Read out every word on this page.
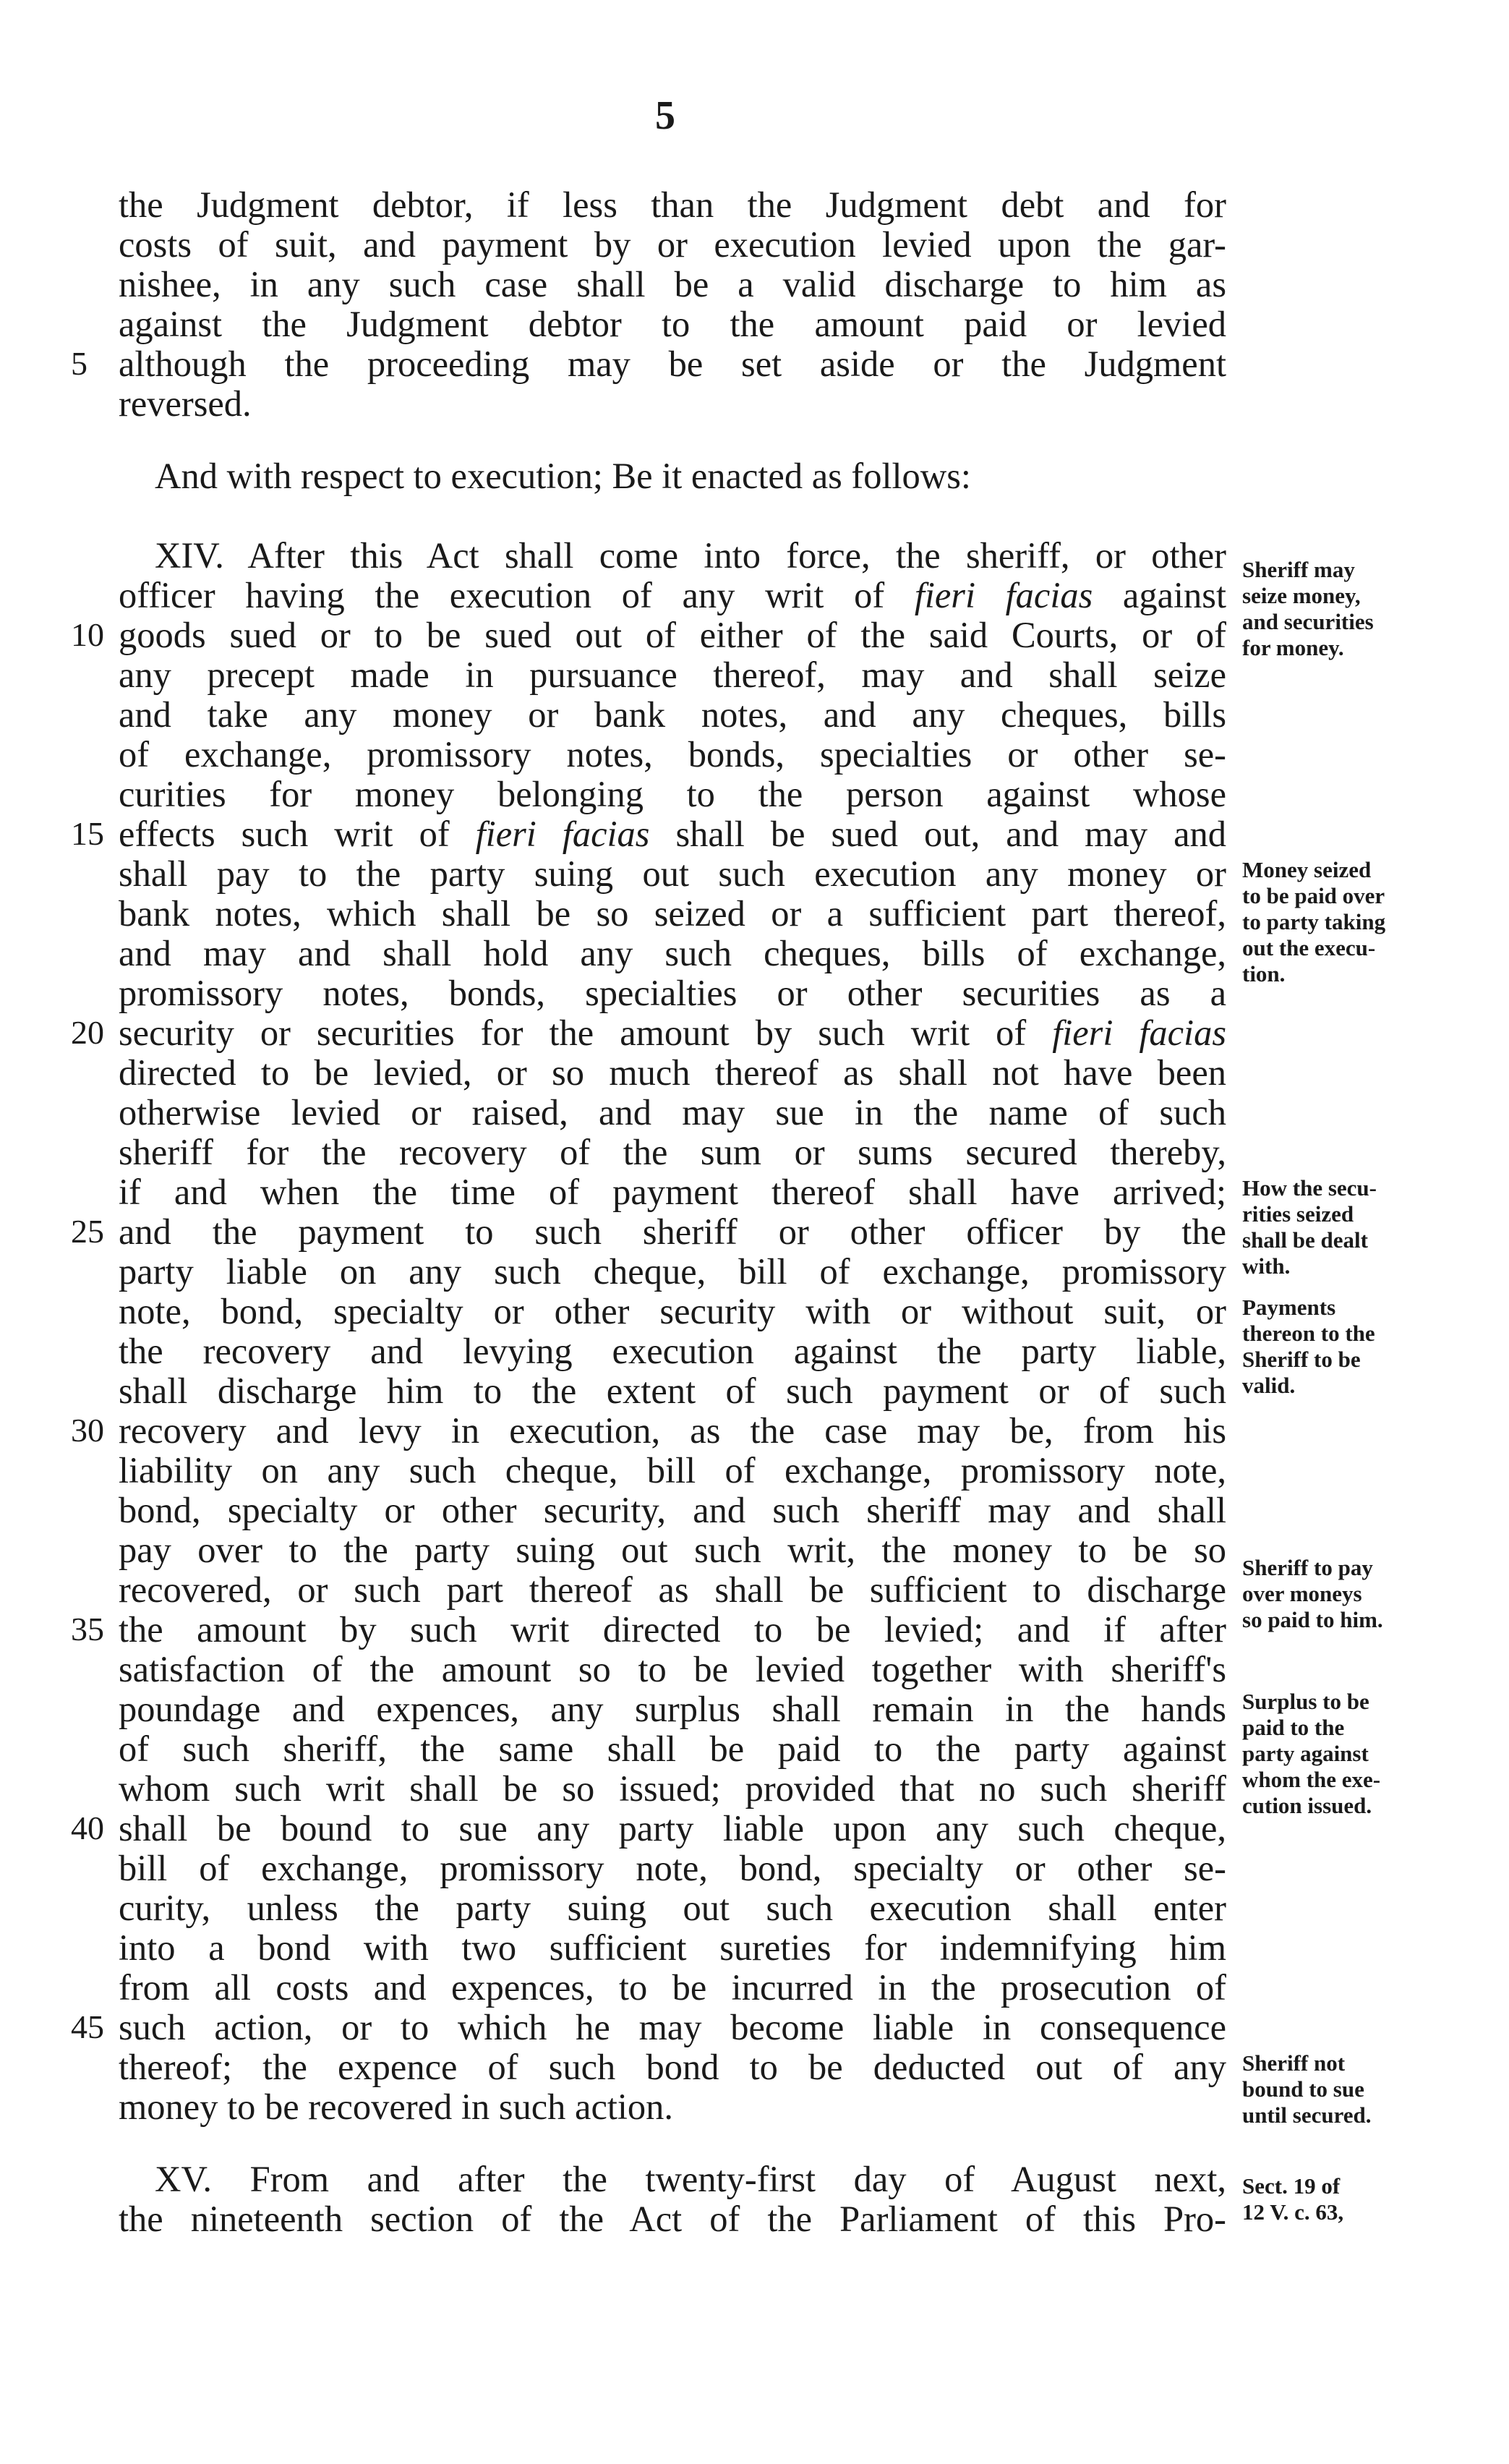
5
the Judgment debtor, if less than the Judgment debt and for
costs of suit, and payment by or execution levied upon the gar-
nishee, in any such case shall be a valid discharge to him as
against the Judgment debtor to the amount paid or levied
although the proceeding may be set aside or the Judgment
reversed.
And with respect to execution; Be it enacted as follows:
XIV. After this Act shall come into force, the sheriff, or other
officer having the execution of any writ of fieri facias against
goods sued or to be sued out of either of the said Courts, or of
any precept made in pursuance thereof, may and shall seize
and take any money or bank notes, and any cheques, bills
of exchange, promissory notes, bonds, specialties or other se-
curities for money belonging to the person against whose
effects such writ of fieri facias shall be sued out, and may and
shall pay to the party suing out such execution any money or
bank notes, which shall be so seized or a sufficient part thereof,
and may and shall hold any such cheques, bills of exchange,
promissory notes, bonds, specialties or other securities as a
security or securities for the amount by such writ of fieri facias
directed to be levied, or so much thereof as shall not have been
otherwise levied or raised, and may sue in the name of such
sheriff for the recovery of the sum or sums secured thereby,
if and when the time of payment thereof shall have arrived;
and the payment to such sheriff or other officer by the
party liable on any such cheque, bill of exchange, promissory
note, bond, specialty or other security with or without suit, or
the recovery and levying execution against the party liable,
shall discharge him to the extent of such payment or of such
recovery and levy in execution, as the case may be, from his
liability on any such cheque, bill of exchange, promissory note,
bond, specialty or other security, and such sheriff may and shall
pay over to the party suing out such writ, the money to be so
recovered, or such part thereof as shall be sufficient to discharge
the amount by such writ directed to be levied; and if after
satisfaction of the amount so to be levied together with sheriff's
poundage and expences, any surplus shall remain in the hands
of such sheriff, the same shall be paid to the party against
whom such writ shall be so issued; provided that no such sheriff
shall be bound to sue any party liable upon any such cheque,
bill of exchange, promissory note, bond, specialty or other se-
curity, unless the party suing out such execution shall enter
into a bond with two sufficient sureties for indemnifying him
from all costs and expences, to be incurred in the prosecution of
such action, or to which he may become liable in consequence
thereof; the expence of such bond to be deducted out of any
money to be recovered in such action.
XV. From and after the twenty-first day of August next,
the nineteenth section of the Act of the Parliament of this Pro-
5
10
15
20
25
30
35
40
45
Sheriff may
seize money,
and securities
for money.
Money seized
to be paid over
to party taking
out the execu-
tion.
How the secu-
rities seized
shall be dealt
with.
Payments
thereon to the
Sheriff to be
valid.
Sheriff to pay
over moneys
so paid to him.
Surplus to be
paid to the
party against
whom the exe-
cution issued.
Sheriff not
bound to sue
until secured.
Sect. 19 of
12 V. c. 63,
